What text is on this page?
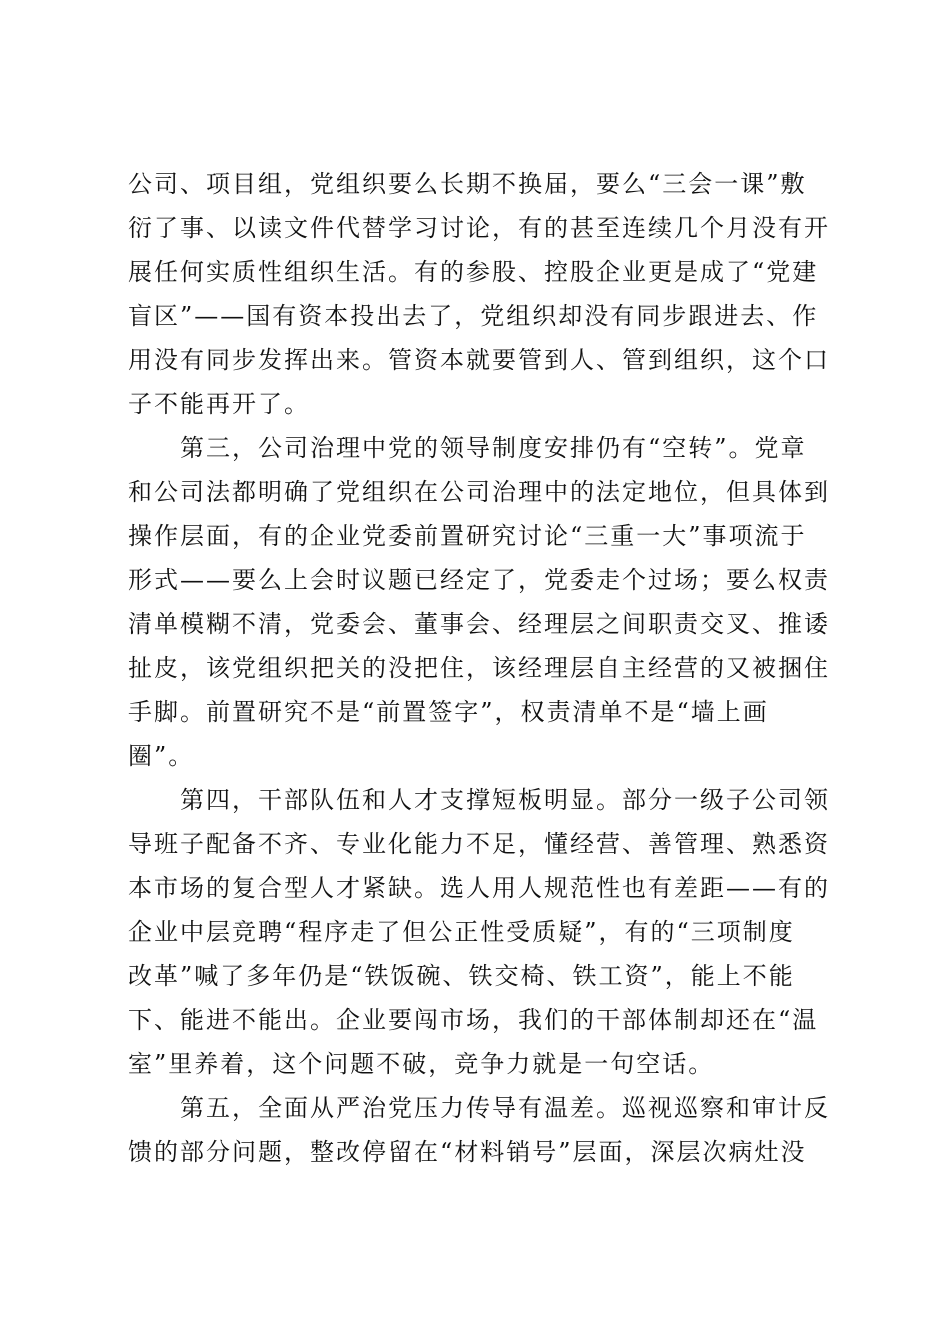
公司、项目组，党组织要么长期不换届，要么“三会一课”敷
衍了事、以读文件代替学习讨论，有的甚至连续几个月没有开
展任何实质性组织生活。有的参股、控股企业更是成了“党建
盲区”——国有资本投出去了，党组织却没有同步跟进去、作
用没有同步发挥出来。管资本就要管到人、管到组织，这个口
子不能再开了。
　　第三，公司治理中党的领导制度安排仍有“空转”。党章
和公司法都明确了党组织在公司治理中的法定地位，但具体到
操作层面，有的企业党委前置研究讨论“三重一大”事项流于
形式——要么上会时议题已经定了，党委走个过场；要么权责
清单模糊不清，党委会、董事会、经理层之间职责交叉、推诿
扯皮，该党组织把关的没把住，该经理层自主经营的又被捆住
手脚。前置研究不是“前置签字”，权责清单不是“墙上画
圈”。
　　第四，干部队伍和人才支撑短板明显。部分一级子公司领
导班子配备不齐、专业化能力不足，懂经营、善管理、熟悉资
本市场的复合型人才紧缺。选人用人规范性也有差距——有的
企业中层竞聘“程序走了但公正性受质疑”，有的“三项制度
改革”喊了多年仍是“铁饭碗、铁交椅、铁工资”，能上不能
下、能进不能出。企业要闯市场，我们的干部体制却还在“温
室”里养着，这个问题不破，竞争力就是一句空话。
　　第五，全面从严治党压力传导有温差。巡视巡察和审计反
馈的部分问题，整改停留在“材料销号”层面，深层次病灶没
